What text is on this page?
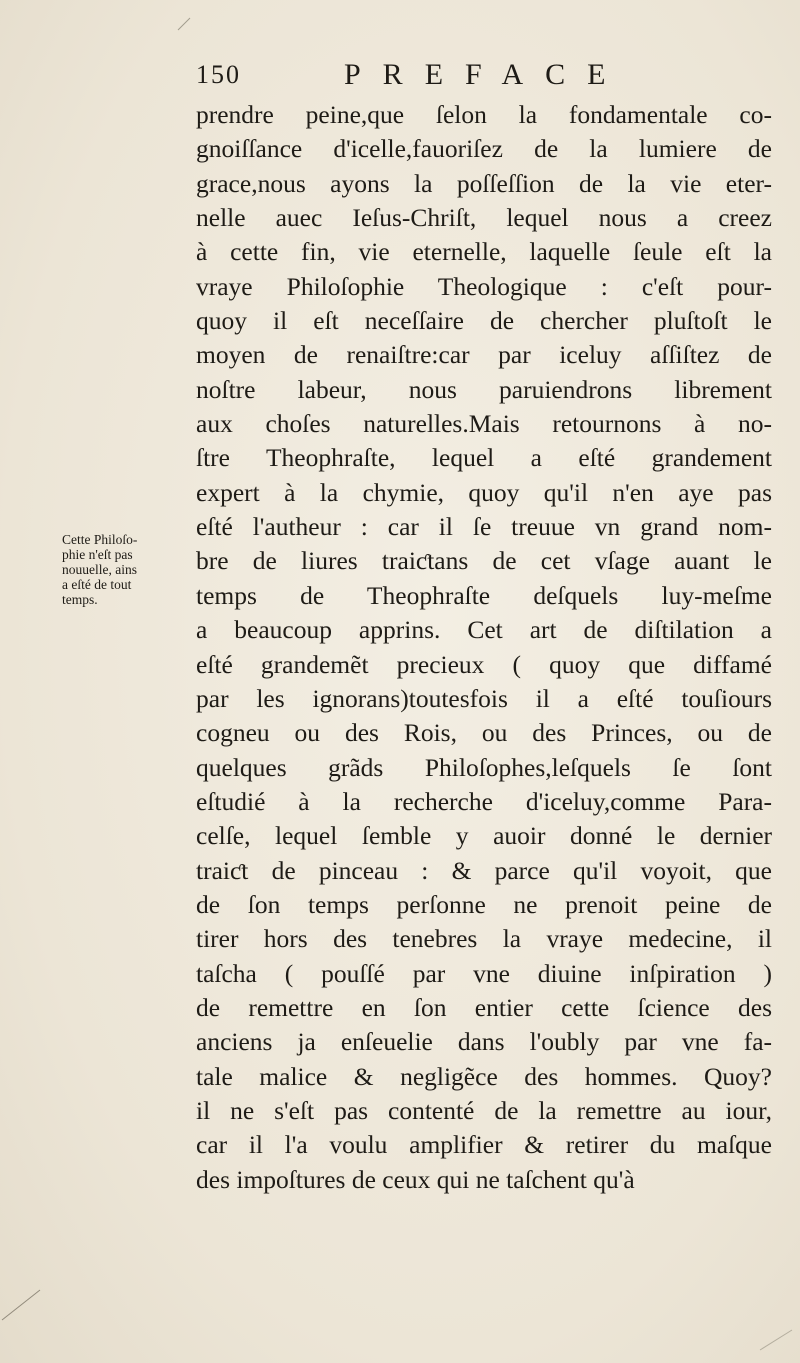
150	PREFACE
Cette Philoſo-
phie n'eſt pas
nouuelle, ains
a eſté de tout
temps.
prendre peine,que ſelon la fondamentale co-
gnoiſſance d'icelle,fauoriſez de la lumiere de
grace,nous ayons la poſſeſſion de la vie eter-
nelle auec Ieſus-Chriſt, lequel nous a creez
à cette fin, vie eternelle, laquelle ſeule eſt la
vraye Philoſophie Theologique : c'eſt pour-
quoy il eſt neceſſaire de chercher pluſtoſt le
moyen de renaiſtre:car par iceluy aſſiſtez de
noſtre labeur, nous paruiendrons librement
aux choſes naturelles.Mais retournons à no-
ſtre Theophraſte, lequel a eſté grandement
expert à la chymie, quoy qu'il n'en aye pas
eſté l'autheur : car il ſe treuue vn grand nom-
bre de liures traiƈtans de cet vſage auant le
temps de Theophraſte deſquels luy-meſme
a beaucoup apprins. Cet art de diſtilation a
eſté grandemẽt precieux ( quoy que diffamé
par les ignorans)toutesfois il a eſté touſiours
cogneu ou des Rois, ou des Princes, ou de
quelques grãds Philoſophes,leſquels ſe ſont
eſtudié à la recherche d'iceluy,comme Para-
celſe, lequel ſemble y auoir donné le dernier
traiƈt de pinceau : & parce qu'il voyoit, que
de ſon temps perſonne ne prenoit peine de
tirer hors des tenebres la vraye medecine, il
taſcha ( pouſſé par vne diuine inſpiration )
de remettre en ſon entier cette ſcience des
anciens ja enſeuelie dans l'oubly par vne fa-
tale malice & negligẽce des hommes. Quoy?
il ne s'eſt pas contenté de la remettre au iour,
car il l'a voulu amplifier & retirer du maſque
des impoſtures de ceux qui ne taſchent qu'à
